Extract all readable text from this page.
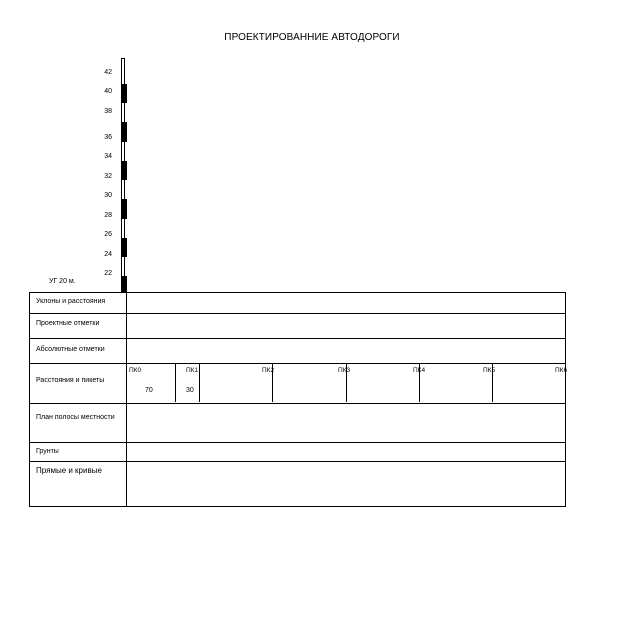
ПРОЕКТИРОВАННИЕ АВТОДОРОГИ
42
40
38
36
34
32
30
28
26
24
22
УГ 20 м.
Уклоны и расстояния
Проектные отметки
Абсолютные отметки
Расстояния и пикеты
ПК0	ПК1	ПК2	ПК3	ПК4	ПК5	ПК6
70	30
План полосы местности
Грунты
Прямые и кривые
